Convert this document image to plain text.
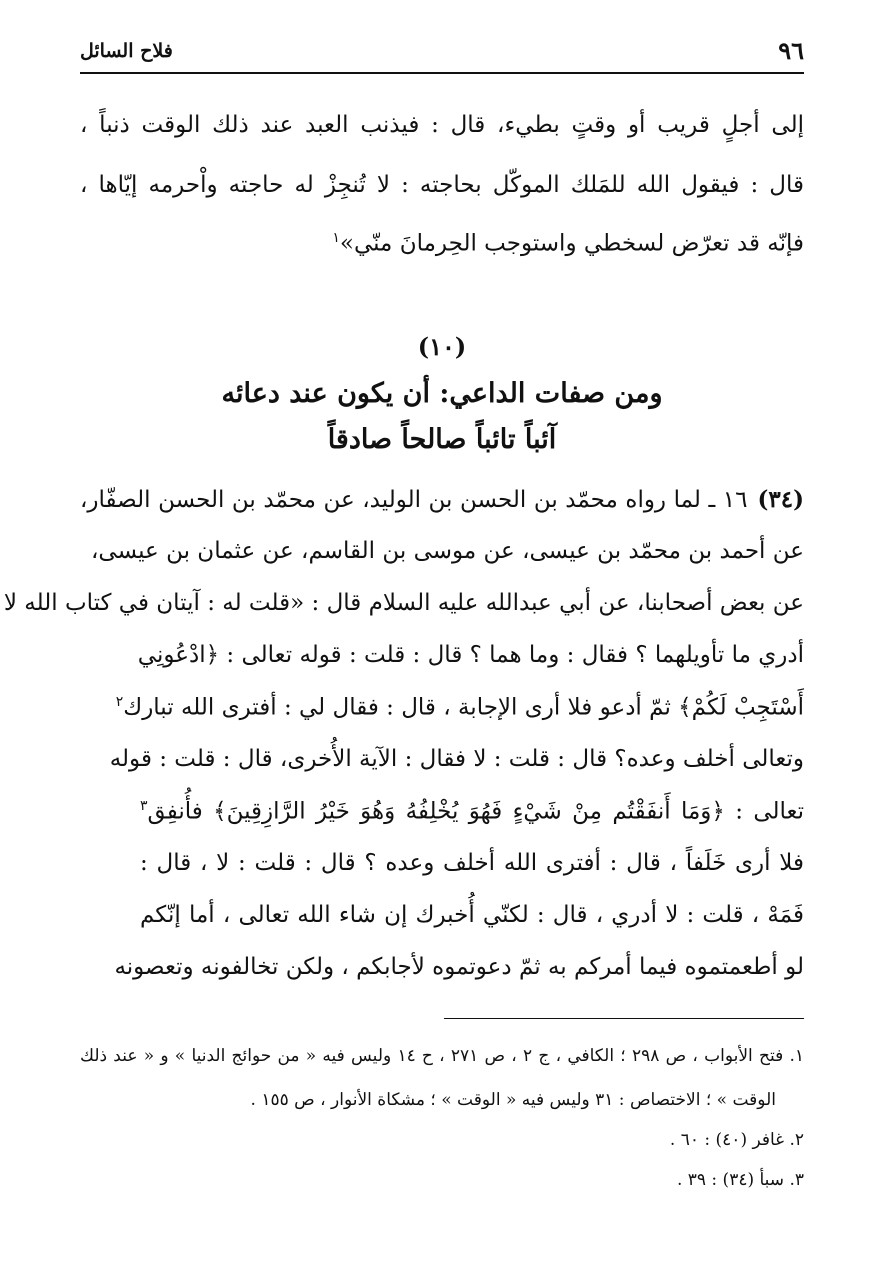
٩٦
فلاح السائل
إلى أجلٍ قريب أو وقتٍ بطيء، قال : فيذنب العبد عند ذلك الوقت ذنباً ،
قال : فيقول الله للمَلك الموكّل بحاجته : لا تُنجِزْ له حاجته واْحرمه إيّاها ،
فإنّه قد تعرّض لسخطي واستوجب الحِرمانَ منّي»$^١$
(١٠)
ومن صفات الداعي: أن يكون عند دعائه
آئباً تائباً صالحاً صادقاً
(٣٤)١٦ ـ لما رواه محمّد بن الحسن بن الوليد، عن محمّد بن الحسن الصفّار،
عن أحمد بن محمّد بن عيسى، عن موسى بن القاسم، عن عثمان بن عيسى،
عن بعض أصحابنا، عن أبي عبدالله عليه السلام قال : «قلت له : آيتان في كتاب الله لا
أدري ما تأويلهما ؟ فقال : وما هما ؟ قال : قلت : قوله تعالى : ﴿ادْعُونِي
أَسْتَجِبْ لَكُمْ﴾ ثمّ أدعو فلا أرى الإجابة ، قال : فقال لي : أفترى الله تبارك$^٢$
وتعالى أخلف وعده؟ قال : قلت : لا فقال : الآية الأُخرى، قال : قلت : قوله
تعالى : ﴿وَمَا أَنفَقْتُم مِنْ شَيْءٍ فَهُوَ يُخْلِفُهُ وَهُوَ خَيْرُ الرَّازِقِينَ﴾ فأُنفِق$^٣$
فلا أرى خَلَفاً ، قال : أفترى الله أخلف وعده ؟ قال : قلت : لا ، قال :
فَمَهْ ، قلت : لا أدري ، قال : لكنّي أُخبرك إن شاء الله تعالى ، أما إنّكم
لو أطعمتموه فيما أمركم به ثمّ دعوتموه لأجابكم ، ولكن تخالفونه وتعصونه
١. فتح الأبواب ، ص ٢٩٨ ؛ الكافي ، ج ٢ ، ص ٢٧١ ، ح ١٤ وليس فيه « من حوائج الدنيا » و « عند ذلك
الوقت » ؛ الاختصاص : ٣١ وليس فيه « الوقت » ؛ مشكاة الأنوار ، ص ١٥٥ .
٢. غافر (٤٠) : ٦٠ .
٣. سبأ (٣٤) : ٣٩ .
